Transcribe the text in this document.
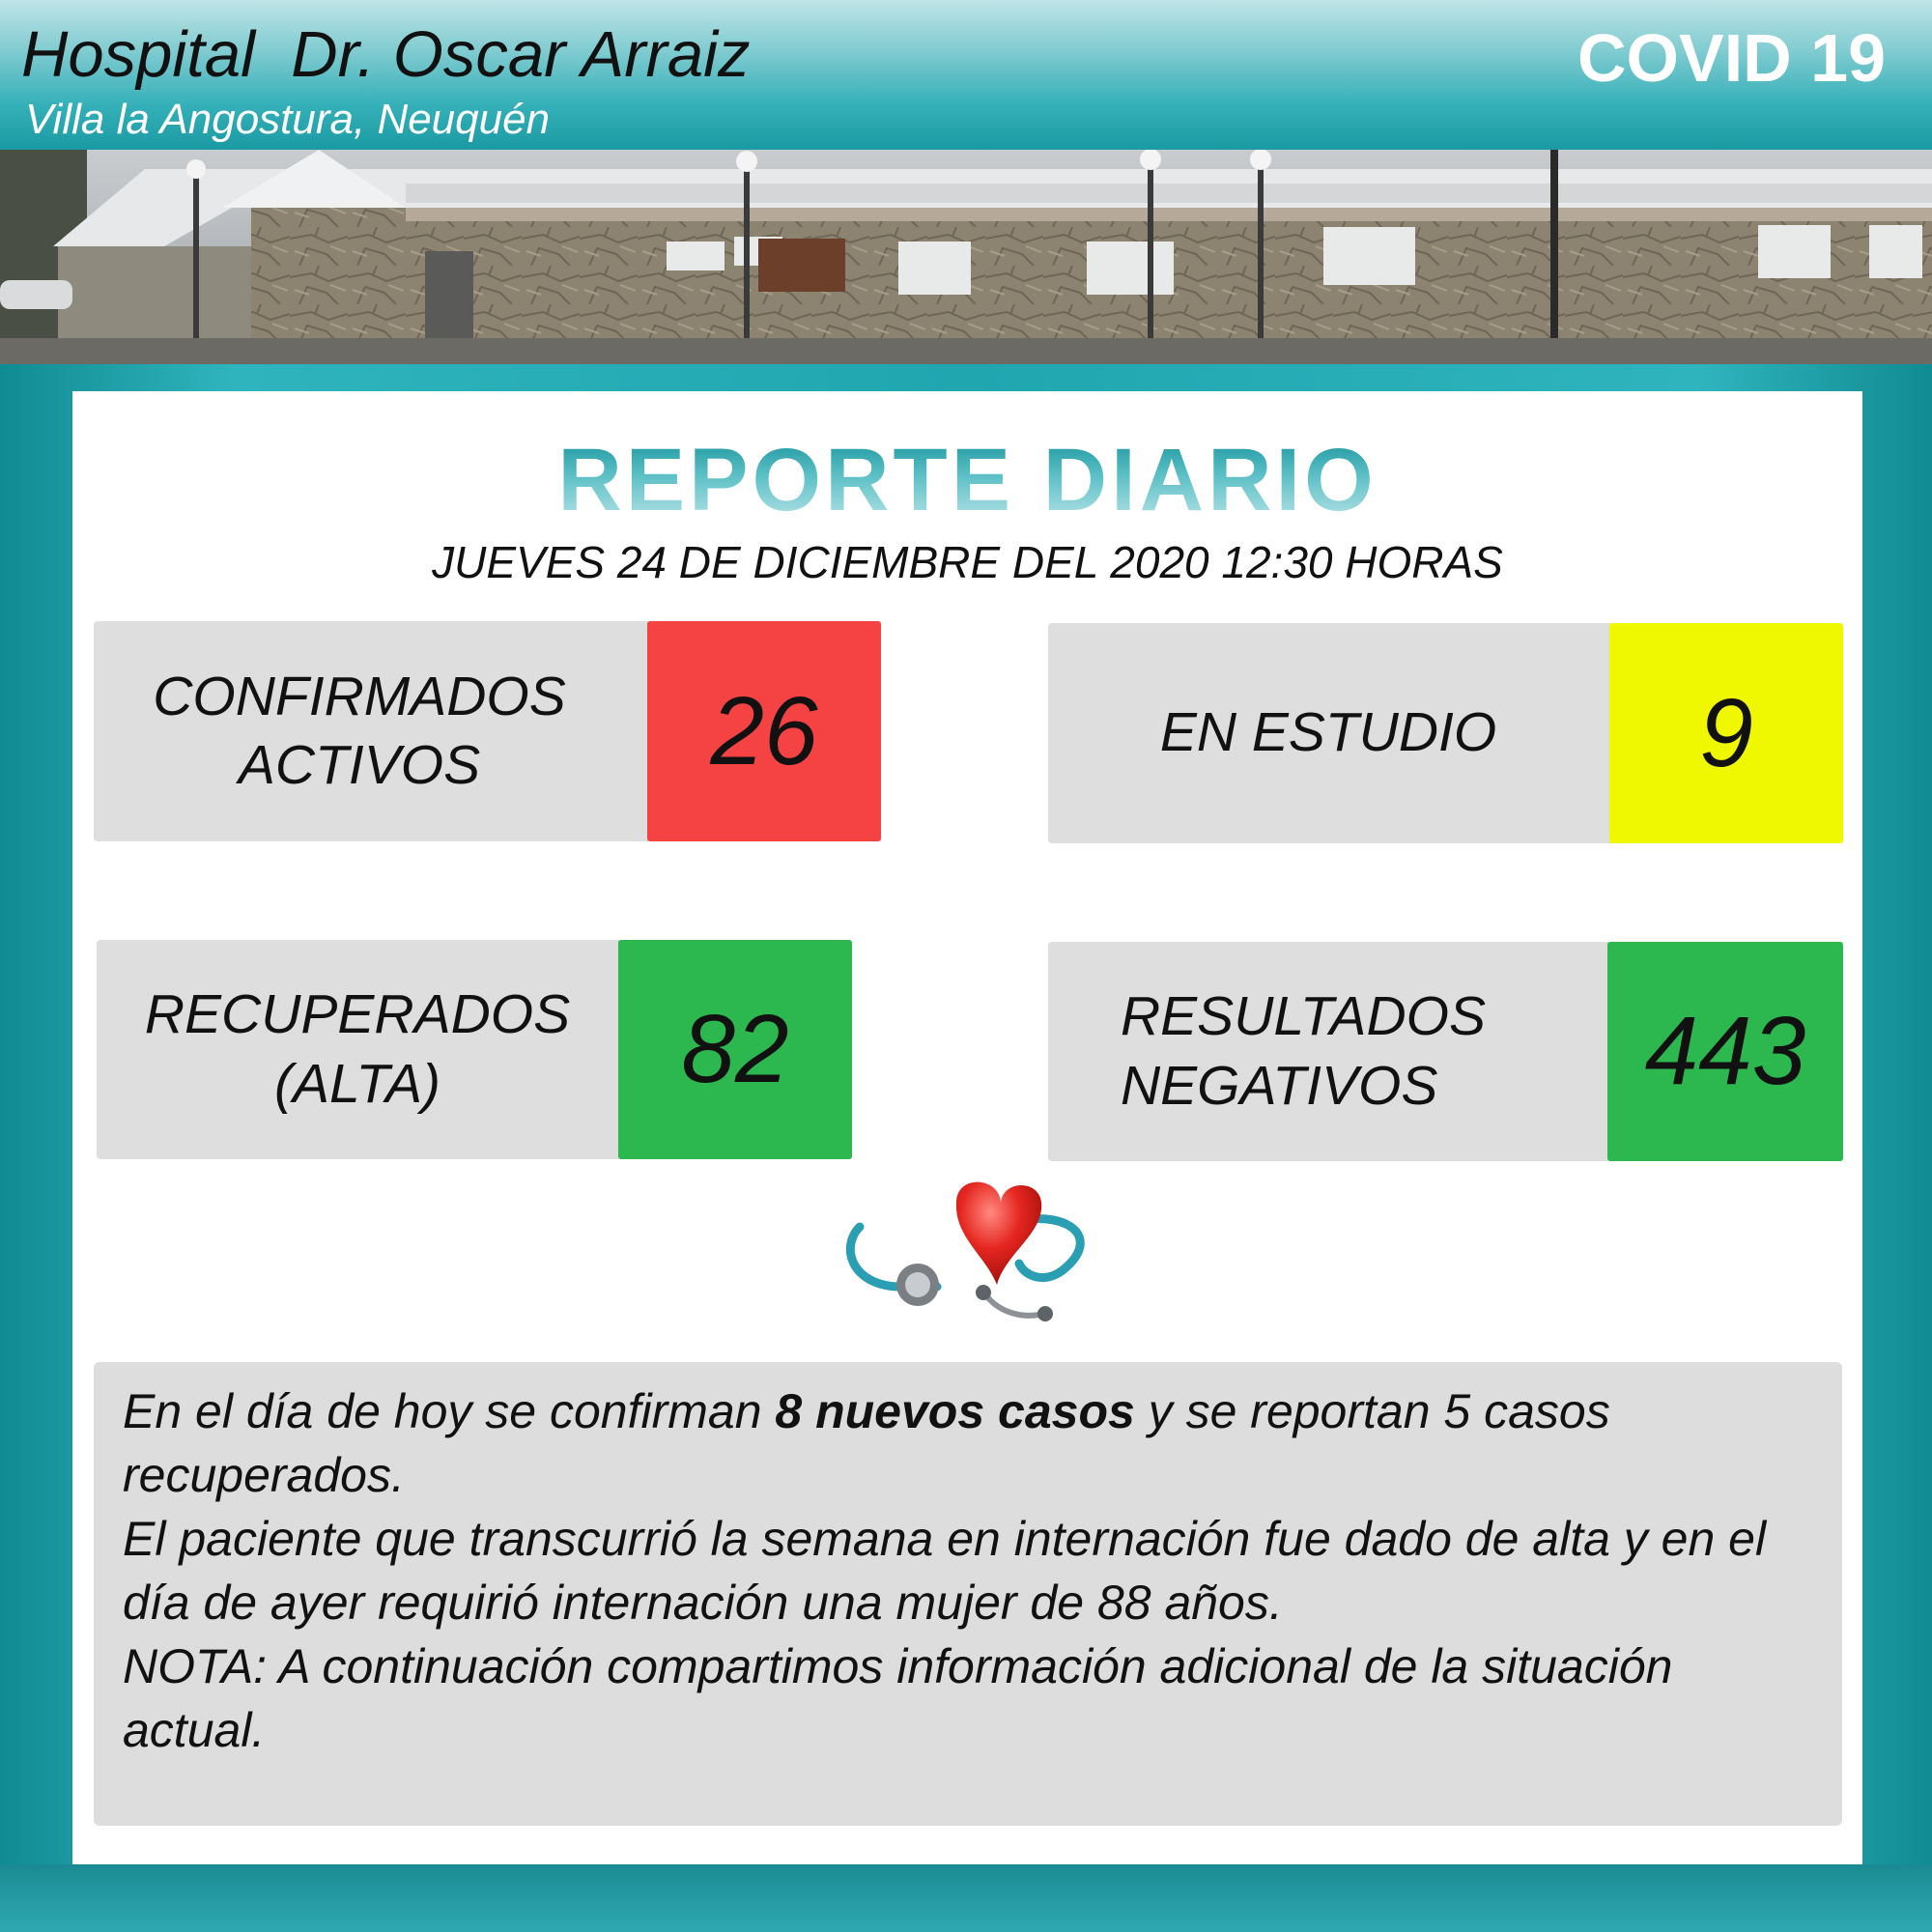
Hospital  Dr. Oscar Arraiz

Villa la Angostura, Neuquén

COVID 19

REPORTE DIARIO

JUEVES 24 DE DICIEMBRE DEL 2020 12:30 HORAS

CONFIRMADOS
ACTIVOS	26	EN ESTUDIO	9
RECUPERADOS
(ALTA)	82	RESULTADOS
NEGATIVOS	443

En el día de hoy se confirman 8 nuevos casos y se reportan 5 casos recuperados.

El paciente que transcurrió la semana en internación fue dado de alta y en el día de ayer requirió internación una mujer de 88 años.

NOTA: A continuación compartimos información adicional de la situación actual.
